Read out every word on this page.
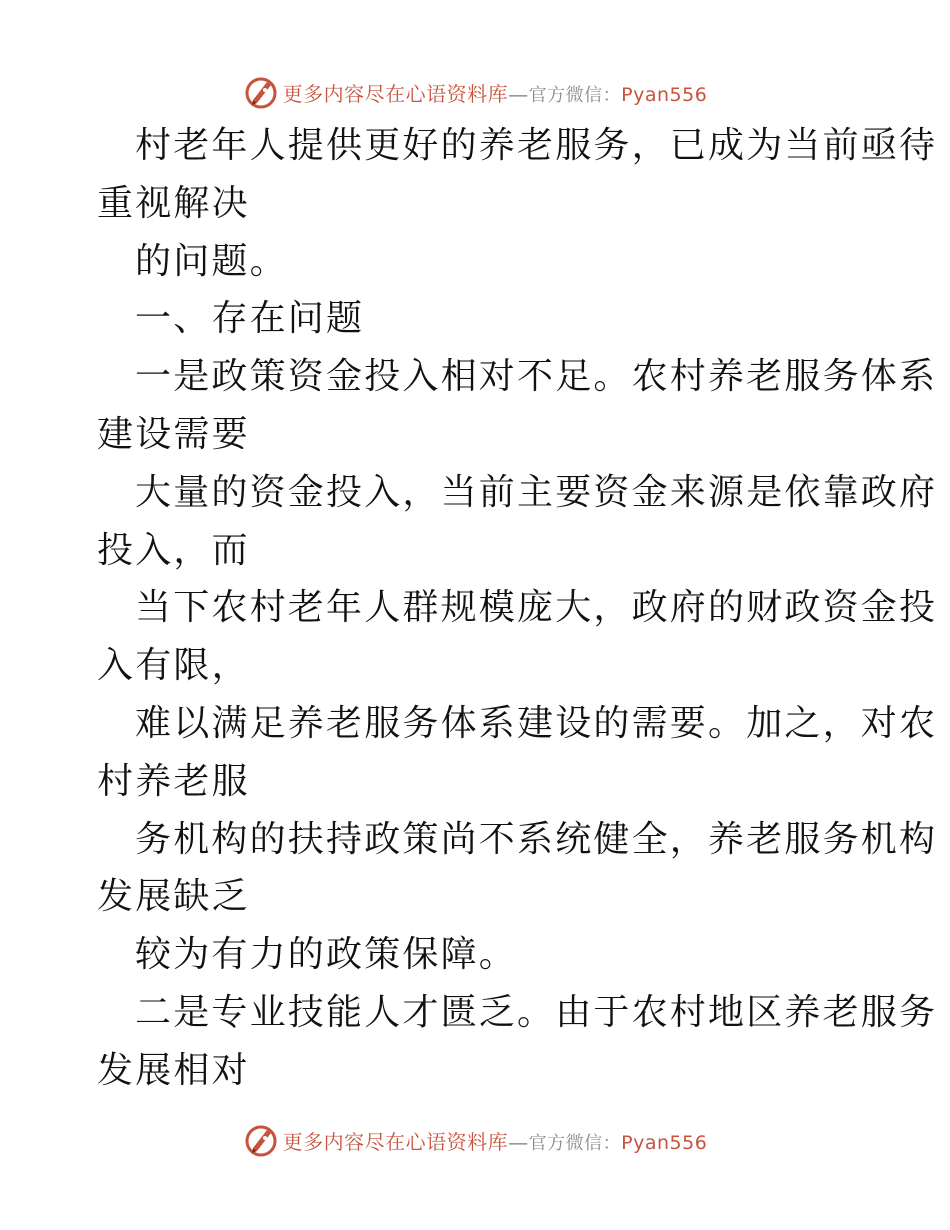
更多内容尽在心语资料库—官方微信：Pyan556
村老年人提供更好的养老服务，已成为当前亟待
重视解决
的问题。
一、存在问题
一是政策资金投入相对不足。农村养老服务体系
建设需要
大量的资金投入，当前主要资金来源是依靠政府
投入，而
当下农村老年人群规模庞大，政府的财政资金投
入有限，
难以满足养老服务体系建设的需要。加之，对农
村养老服
务机构的扶持政策尚不系统健全，养老服务机构
发展缺乏
较为有力的政策保障。
二是专业技能人才匮乏。由于农村地区养老服务
发展相对
更多内容尽在心语资料库—官方微信：Pyan556
